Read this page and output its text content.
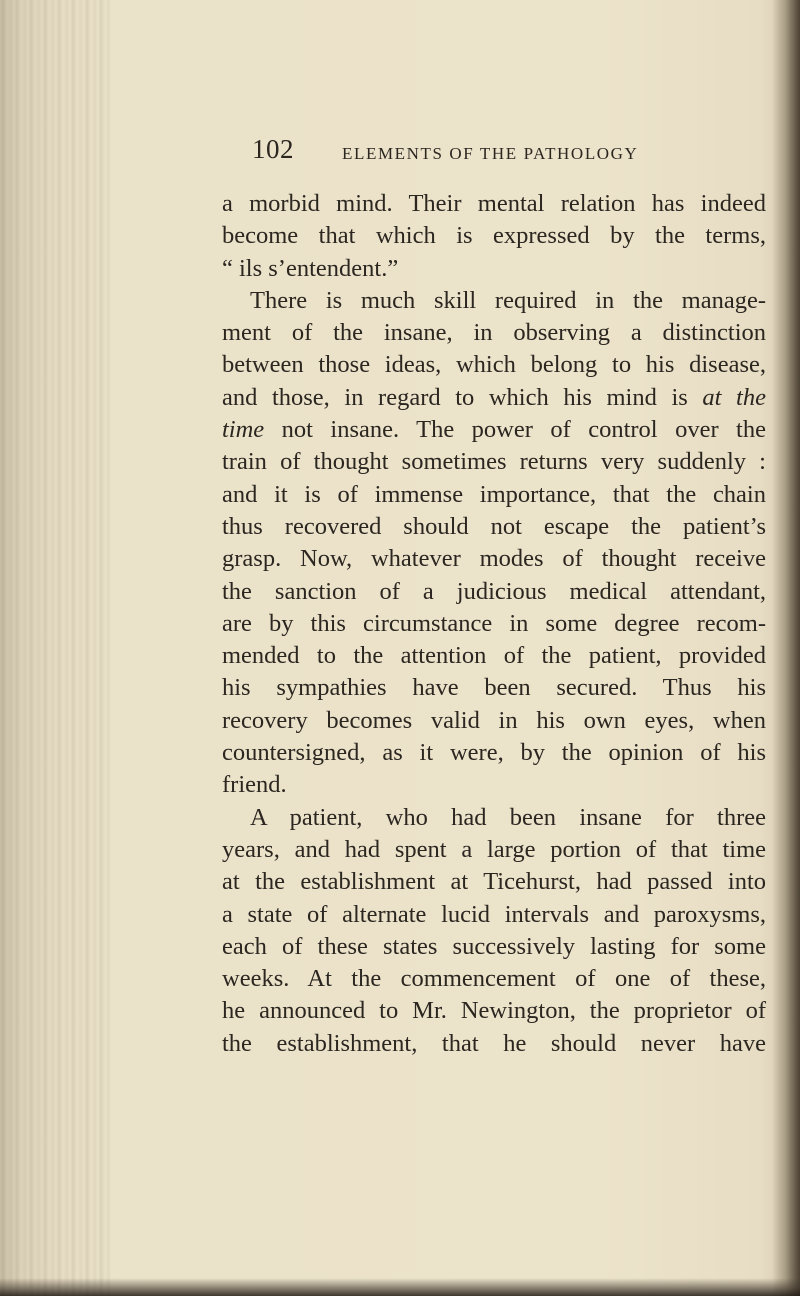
102	ELEMENTS OF THE PATHOLOGY
a morbid mind. Their mental relation has indeed
become that which is expressed by the terms,
“ ils s’entendent.”
There is much skill required in the manage-
ment of the insane, in observing a distinction
between those ideas, which belong to his disease,
and those, in regard to which his mind is at the
time not insane. The power of control over the
train of thought sometimes returns very suddenly :
and it is of immense importance, that the chain
thus recovered should not escape the patient’s
grasp. Now, whatever modes of thought receive
the sanction of a judicious medical attendant,
are by this circumstance in some degree recom-
mended to the attention of the patient, provided
his sympathies have been secured. Thus his
recovery becomes valid in his own eyes, when
countersigned, as it were, by the opinion of his
friend.
A patient, who had been insane for three
years, and had spent a large portion of that time
at the establishment at Ticehurst, had passed into
a state of alternate lucid intervals and paroxysms,
each of these states successively lasting for some
weeks. At the commencement of one of these,
he announced to Mr. Newington, the proprietor of
the establishment, that he should never have
